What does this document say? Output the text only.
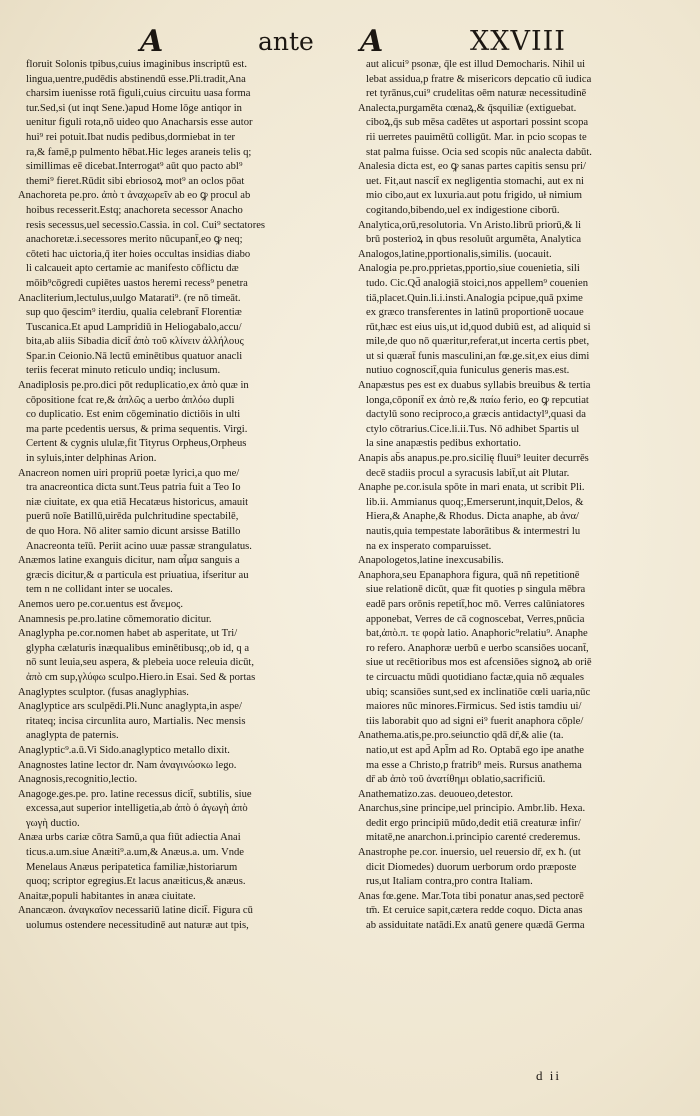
A	ante A	XXVIII
floruit Solonis tpibus,cuius imaginibus inscriptū est.
lingua,uentre,pudēdis abstinendū esse.Pli.tradit,Ana
charsim iuenisse rotā figuli,cuius circuitu uasa forma
tur.Sed,si (ut inqt Sene.)apud Home lōge antiqor in
uenitur figuli rota,nō uideo quo Anacharsis esse autor
hui⁹ rei potuit.Ibat nudis pedibus,dormiebat in ter
ra,& famē,p pulmento hēbat.Hic leges araneis telis q;
simillimas eē dicebat.Interrogat⁹ aūt quo pacto abl⁹
themi⁹ fieret.Rūdit sibi ebriosoꝝ mot⁹ an oclos pōat
Anachoreta pe.pro. ἀπὸ τ ἀναχωρεῖν ab eo ꝙ procul ab
hoibus recesserit.Estq; anachoreta secessor Anacho
resis secessus,uel secessio.Cassia. in col. Cui⁹ sectatores
anachoretæ.i.secessores merito nūcupant̄,eo ꝙ neq;
cōteti hac uictoria,q̄ iter hoies occultas insidias diabo
li calcaueit apto certamie ac manifesto cōflictu dæ
mōib⁹cōgredi cupiētes uastos heremi recess⁹ penetra
Anacliterium,lectulus,uulgo Matarati⁹. (re nō timeāt.
sup quo q̄escim⁹ iterdiu, qualia celebrant̄ Florentiæ
Tuscanica.Et apud Lampridiū in Heliogabalo,accu/
bita,ab aliis Sibadia dicit̄ ἀπὸ τοῦ κλίνειν ἀλλήλους
Spar.in Ceionio.Nā lectū eminētibus quatuor anacli
teriis fecerat minuto reticulo undiq; inclusum.
Anadiplosis pe.pro.dici pōt reduplicatio,ex ἀπὸ quæ in
cōpositione fcat re,& ἁπλῶς a uerbo ἁπλόω dupli
co duplicatio. Est enim cōgeminatio dictiōis in ulti
ma parte pcedentis uersus, & prima sequentis. Virgi.
Certent & cygnis ululæ,fit Tityrus Orpheus,Orpheus
in syluis,inter delphinas Arion.
Anacreon nomen uiri propriū poetæ lyrici,a quo me/
tra anacreontica dicta sunt.Teus patria fuit a Teo Io
niæ ciuitate, ex qua etiā Hecatæus historicus, amauit
puerū noīe Batillū,uirēda pulchritudine spectabilē,
de quo Hora. Nō aliter samio dicunt arsisse Batillo
Anacreonta teīū. Periit acino uuæ passæ strangulatus.
Anæmos latine exanguis dicitur, nam αἷμα sanguis a
græcis dicitur,& α particula est priuatiua, ifseritur au
tem n ne collidant inter se uocales.
Anemos uero pe.cor.uentus est ἄνεμος.
Anamnesis pe.pro.latine cōmemoratio dicitur.
Anaglypha pe.cor.nomen habet ab asperitate, ut Tri/
glypha cælaturis inæqualibus eminētibusq;,ob id, q a
nō sunt leuia,seu aspera, & plebeia uoce releuia dicūt,
ἀπὸ cm sup,γλύφω sculpo.Hiero.in Esai. Sed & portas
Anaglyptes sculptor. (fusas anaglyphias.
Anaglyptice ars sculpēdi.Pli.Nunc anaglypta,in aspe/
ritateq; incisa circunlita auro, Martialis. Nec mensis
anaglypta de paternis.
Anaglyptic⁹.a.ū.Vi Sido.anaglyptico metallo dixit.
Anagnostes latine lector dr. Nam ἀναγινώσκω lego.
Anagnosis,recognitio,lectio.
Anagoge.ges.pe. pro. latine recessus dicit̄, subtilis, siue
excessa,aut superior intelligetia,ab ἀπὸ ὁ ἀγωγὴ ἀπὸ
γωγὴ ductio.
Anæa urbs cariæ cōtra Samū,a qua fiūt adiectia Anai
ticus.a.um.siue Anæiti⁹.a.um,& Anæus.a. um. Vnde
Menelaus Anæus peripatetica familiæ,historiarum
quoq; scriptor egregius.Et lacus anæiticus,& anæus.
Anaitæ,populi habitantes in anæa ciuitate.
Anancæon. ἀναγκαῖον necessariū latine dicit̄. Figura cū
uolumus ostendere necessitudinē aut naturæ aut tpis,
aut alicui⁹ psonæ, q̄le est illud Democharis. Nihil ui
lebat assidua,p fratre & misericors depcatio cū iudica
ret tyrānus,cui⁹ crudelitas oēm naturæ necessitudinē
Analecta,purgamēta cœnaꝝ,& q̄squiliæ (extiguebat.
ciboꝝ,q̄s sub mēsa cadētes ut asportari possint scopa
rii uerretes pauimētū colligūt. Mar. in pcio scopas te
stat palma fuisse. Ocia sed scopis nūc analecta dabūt.
Analesia dicta est, eo ꝙ sanas partes capitis sensu pri/
uet. Fit,aut nascit̄ ex negligentia stomachi, aut ex ni
mio cibo,aut ex luxuria.aut potu frigido, uł nimium
cogitando,bibendo,uel ex indigestione ciborū.
Analytica,orū,resolutoria. Vn Aristo.librū priorū,& li
brū posterioꝝ in qbus resoluūt argumēta, Analytica
Analogos,latine,pportionalis,similis. (uocauit.
Analogia pe.pro.pprietas,pportio,siue couenietia, sili
tudo. Cic.Qd̄ analogiā stoici,nos appellem⁹ couenien
tiā,placet.Quin.li.i.insti.Analogia pcipue,quā pxime
ex græco transferentes in latinū proportionē uocaue
rūt,hæc est eius uis,ut id,quod dubiū est, ad aliquid si
mile,de quo nō quæritur,referat,ut incerta certis pbet,
ut si quærat̄ funis masculini,an fœ.ge.sit,ex eius dimi
nutiuo cognoscit̄,quia funiculus generis mas.est.
Anapæstus pes est ex duabus syllabis breuibus & tertia
longa,cōponit̄ ex ἀπὸ re,& παίω ferio, eo ꝙ repcutiat
dactylū sono reciproco,a græcis antidactyl⁹,quasi da
ctylo cōtrarius.Cice.li.ii.Tus. Nō adhibet Spartis ul
la sine anapæstis pedibus exhortatio.
Anapis ab̄s anapus.pe.pro.sicilię fluui⁹ leuiter decurrēs
decē stadiis procul a syracusis labit̄,ut ait Plutar.
Anaphe pe.cor.isula spōte in mari enata, ut scribit Pli.
lib.ii. Ammianus quoq;,Emerserunt,inquit,Delos, &
Hiera,& Anaphe,& Rhodus. Dicta anaphe, ab ἀνα/
nautis,quia tempestate laborātibus & intermestri lu
na ex insperato comparuisset.
Anapologetos,latine inexcusabilis.
Anaphora,seu Epanaphora figura, quā nñ repetitionē
siue relationē dicūt, quæ fit quoties p singula mēbra
eadē pars orōnis repetit̄,hoc mō. Verres calūniatores
apponebat, Verres de cā cognoscebat, Verres,pnūcia
bat,ἀπὸ.π. τε φορὰ latio. Anaphoric⁹relatiu⁹. Anaphe
ro refero. Anaphoræ uerbū e uerbo scansiōes uocant̄,
siue ut recētioribus mos est afcensiōes signoꝝ ab oriē
te circuactu mūdi quotidiano factæ,quia nō æquales
ubiq; scansiōes sunt,sed ex inclinatiōe cœli uaria,nūc
maiores nūc minores.Firmicus. Sed istis tamdiu ui/
tiis laborabit quo ad signi ei⁹ fuerit anaphora cōple/
Anathema.atis,pe.pro.seiunctio qdā dr̄,& alie (ta.
natio,ut est apd̄ Apl̄m ad Ro. Optabā ego ipe anathe
ma esse a Christo,p fratrib⁹ meis. Rursus anathema
dr̄ ab ἀπὸ τοῦ ἀνατίθημι oblatio,sacrificiū.
Anathematizo.zas. deuoueo,detestor.
Anarchus,sine principe,uel principio. Ambr.lib. Hexa.
dedit ergo principiū mūdo,dedit etiā creaturæ infir/
mitatē,ne anarchon.i.principio carenté crederemus.
Anastrophe pe.cor. inuersio, uel reuersio dr̄, ex ħ. (ut
dicit Diomedes) duorum uerborum ordo præposte
rus,ut Italiam contra,pro contra Italiam.
Anas fœ.gene. Mar.Tota tibi ponatur anas,sed pectorē
tm̄. Et ceruice sapit,cætera redde coquo. Dicta anas
ab assiduitate natādi.Ex anatū genere quædā Germa
d ii
